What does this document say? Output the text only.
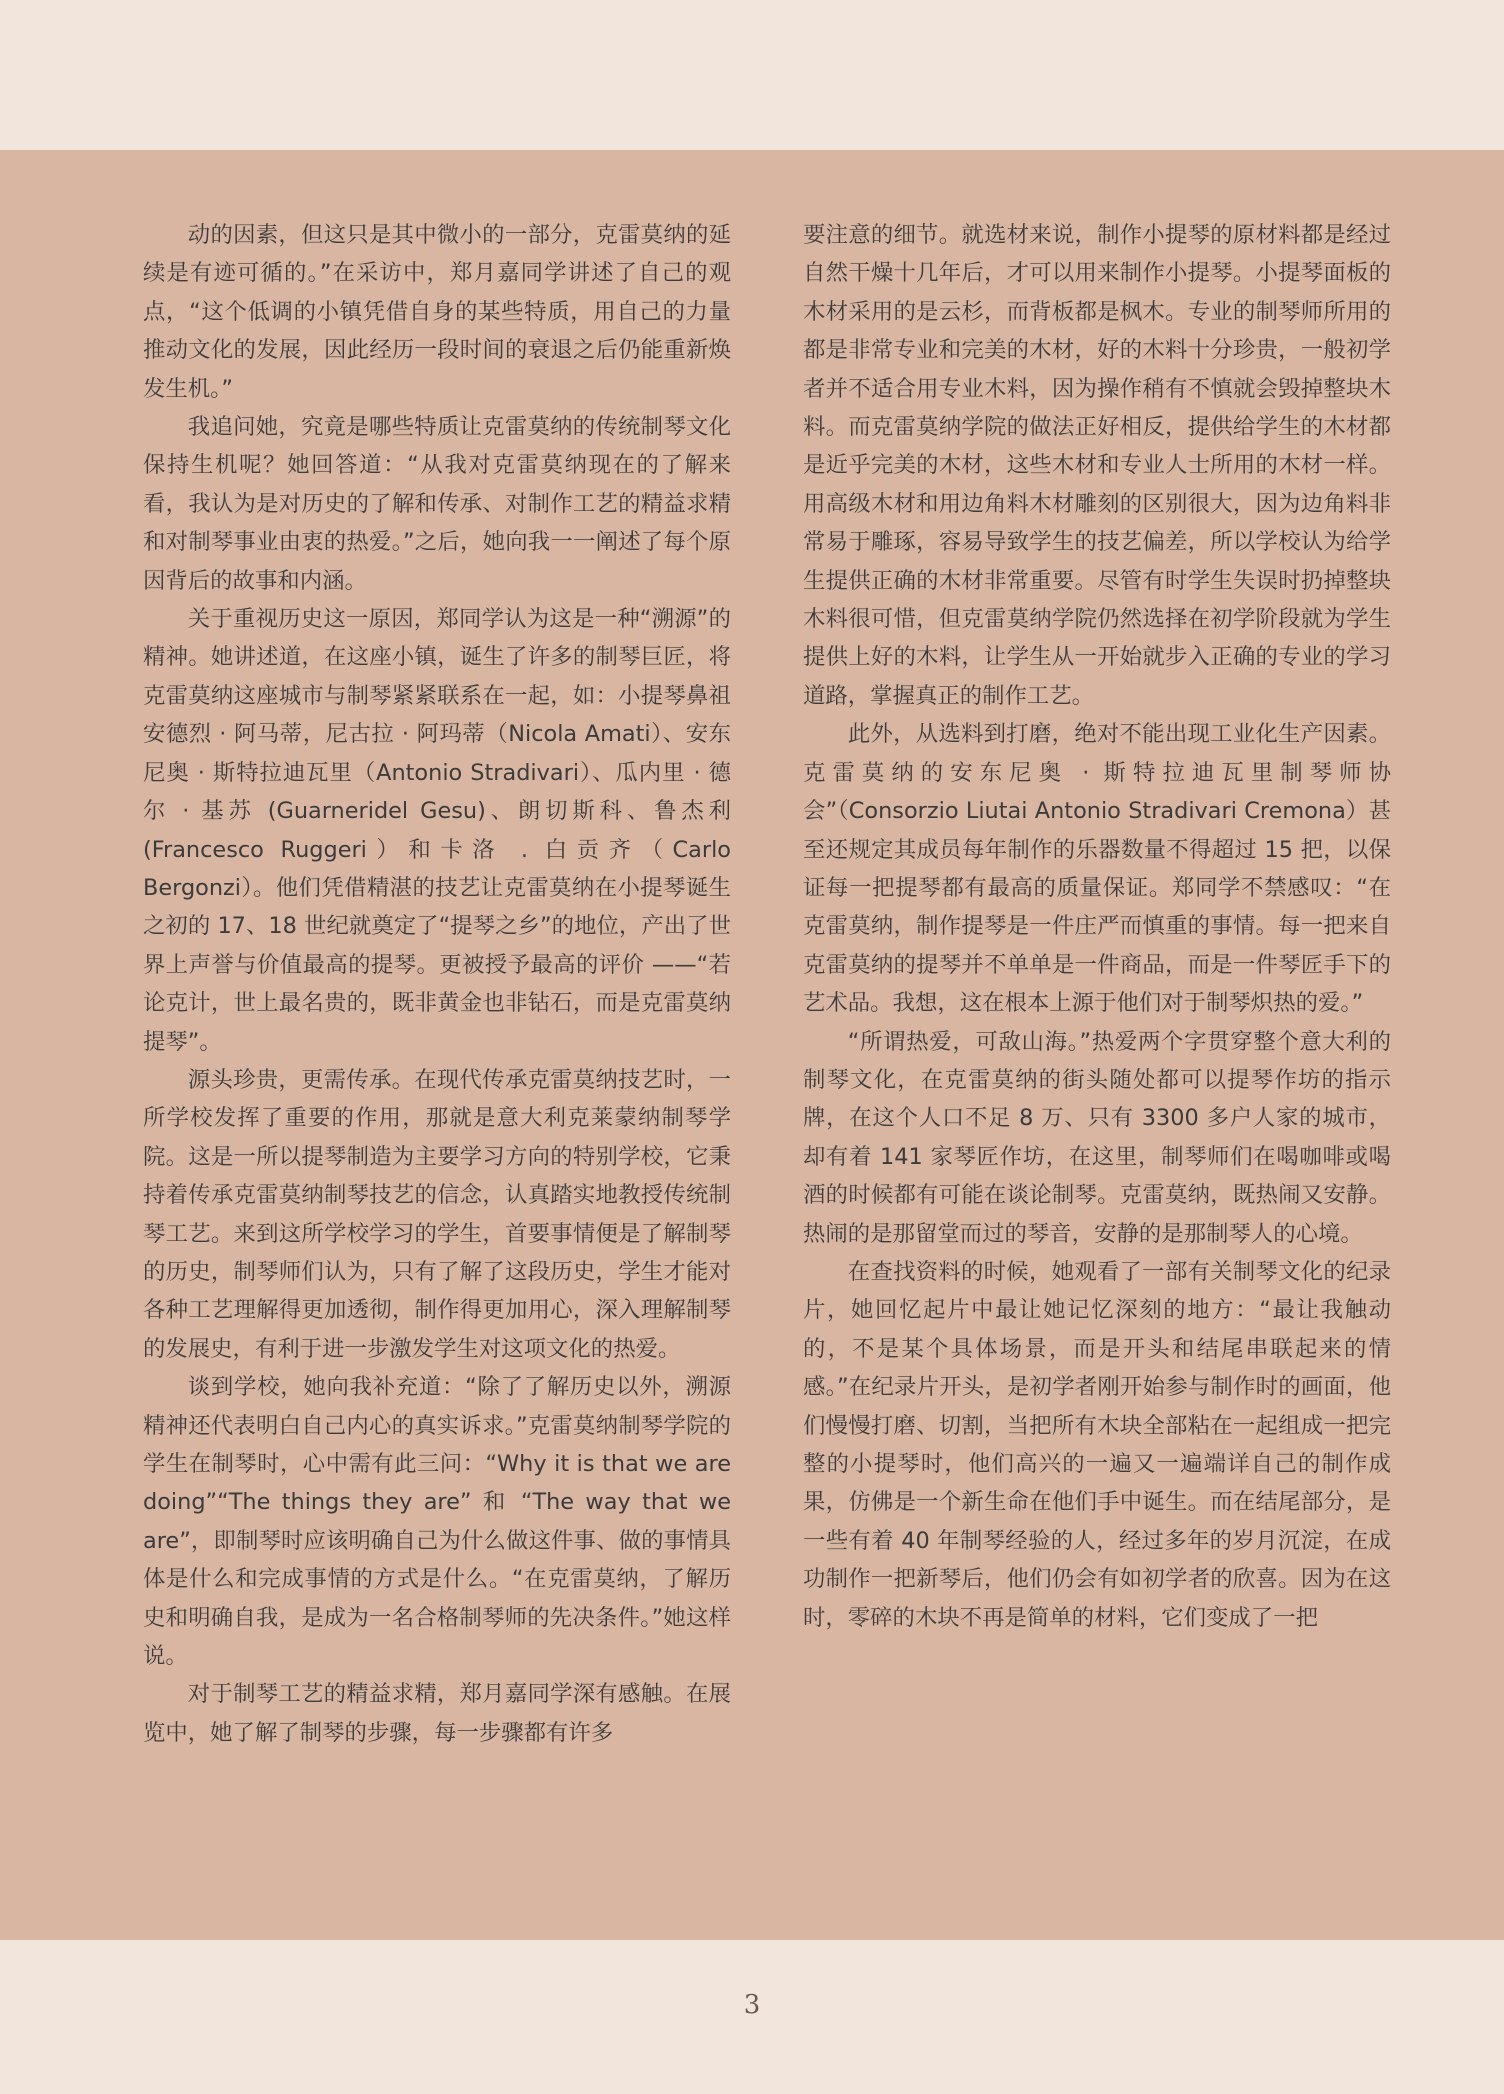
动的因素，但这只是其中微小的一部分，克雷莫纳的延续是有迹可循的。”在采访中，郑月嘉同学讲述了自己的观点，“这个低调的小镇凭借自身的某些特质，用自己的力量推动文化的发展，因此经历一段时间的衰退之后仍能重新焕发生机。”

我追问她，究竟是哪些特质让克雷莫纳的传统制琴文化保持生机呢？她回答道：“从我对克雷莫纳现在的了解来看，我认为是对历史的了解和传承、对制作工艺的精益求精和对制琴事业由衷的热爱。”之后，她向我一一阐述了每个原因背后的故事和内涵。

关于重视历史这一原因，郑同学认为这是一种“溯源”的精神。她讲述道，在这座小镇，诞生了许多的制琴巨匠，将克雷莫纳这座城市与制琴紧紧联系在一起，如：小提琴鼻祖安德烈 · 阿马蒂，尼古拉 · 阿玛蒂（Nicola Amati）、安东尼奥 · 斯特拉迪瓦里（Antonio Stradivari）、瓜内里 · 德尔 · 基苏 (Guarneridel Gesu)、朗切斯科、鲁杰利 (Francesco Ruggeri）和卡洛 . 白贡齐（Carlo Bergonzi）。他们凭借精湛的技艺让克雷莫纳在小提琴诞生之初的 17、18 世纪就奠定了“提琴之乡”的地位，产出了世界上声誉与价值最高的提琴。更被授予最高的评价 ——“若论克计，世上最名贵的，既非黄金也非钻石，而是克雷莫纳提琴”。

源头珍贵，更需传承。在现代传承克雷莫纳技艺时，一所学校发挥了重要的作用，那就是意大利克莱蒙纳制琴学院。这是一所以提琴制造为主要学习方向的特别学校，它秉持着传承克雷莫纳制琴技艺的信念，认真踏实地教授传统制琴工艺。来到这所学校学习的学生，首要事情便是了解制琴的历史，制琴师们认为，只有了解了这段历史，学生才能对各种工艺理解得更加透彻，制作得更加用心，深入理解制琴的发展史，有利于进一步激发学生对这项文化的热爱。

谈到学校，她向我补充道：“除了了解历史以外，溯源精神还代表明白自己内心的真实诉求。”克雷莫纳制琴学院的学生在制琴时，心中需有此三问：“Why it is that we are doing”“The things they are” 和 “The way that we are”，即制琴时应该明确自己为什么做这件事、做的事情具体是什么和完成事情的方式是什么。“在克雷莫纳，了解历史和明确自我，是成为一名合格制琴师的先决条件。”她这样说。

对于制琴工艺的精益求精，郑月嘉同学深有感触。在展览中，她了解了制琴的步骤，每一步骤都有许多

要注意的细节。就选材来说，制作小提琴的原材料都是经过自然干燥十几年后，才可以用来制作小提琴。小提琴面板的木材采用的是云杉，而背板都是枫木。专业的制琴师所用的都是非常专业和完美的木材，好的木料十分珍贵，一般初学者并不适合用专业木料，因为操作稍有不慎就会毁掉整块木料。而克雷莫纳学院的做法正好相反，提供给学生的木材都是近乎完美的木材，这些木材和专业人士所用的木材一样。用高级木材和用边角料木材雕刻的区别很大，因为边角料非常易于雕琢，容易导致学生的技艺偏差，所以学校认为给学生提供正确的木材非常重要。尽管有时学生失误时扔掉整块木料很可惜，但克雷莫纳学院仍然选择在初学阶段就为学生提供上好的木料，让学生从一开始就步入正确的专业的学习道路，掌握真正的制作工艺。

此外，从选料到打磨，绝对不能出现工业化生产因素。克雷莫纳的安东尼奥 · 斯特拉迪瓦里制琴师协会”（Consorzio Liutai Antonio Stradivari Cremona）甚至还规定其成员每年制作的乐器数量不得超过 15 把，以保证每一把提琴都有最高的质量保证。郑同学不禁感叹：“在克雷莫纳，制作提琴是一件庄严而慎重的事情。每一把来自克雷莫纳的提琴并不单单是一件商品，而是一件琴匠手下的艺术品。我想，这在根本上源于他们对于制琴炽热的爱。”

“所谓热爱，可敌山海。”热爱两个字贯穿整个意大利的制琴文化，在克雷莫纳的街头随处都可以提琴作坊的指示牌，在这个人口不足 8 万、只有 3300 多户人家的城市，却有着 141 家琴匠作坊，在这里，制琴师们在喝咖啡或喝酒的时候都有可能在谈论制琴。克雷莫纳，既热闹又安静。热闹的是那留堂而过的琴音，安静的是那制琴人的心境。

在查找资料的时候，她观看了一部有关制琴文化的纪录片，她回忆起片中最让她记忆深刻的地方：“最让我触动的，不是某个具体场景，而是开头和结尾串联起来的情感。”在纪录片开头，是初学者刚开始参与制作时的画面，他们慢慢打磨、切割，当把所有木块全部粘在一起组成一把完整的小提琴时，他们高兴的一遍又一遍端详自己的制作成果，仿佛是一个新生命在他们手中诞生。而在结尾部分，是一些有着 40 年制琴经验的人，经过多年的岁月沉淀，在成功制作一把新琴后，他们仍会有如初学者的欣喜。因为在这时，零碎的木块不再是简单的材料，它们变成了一把

3
